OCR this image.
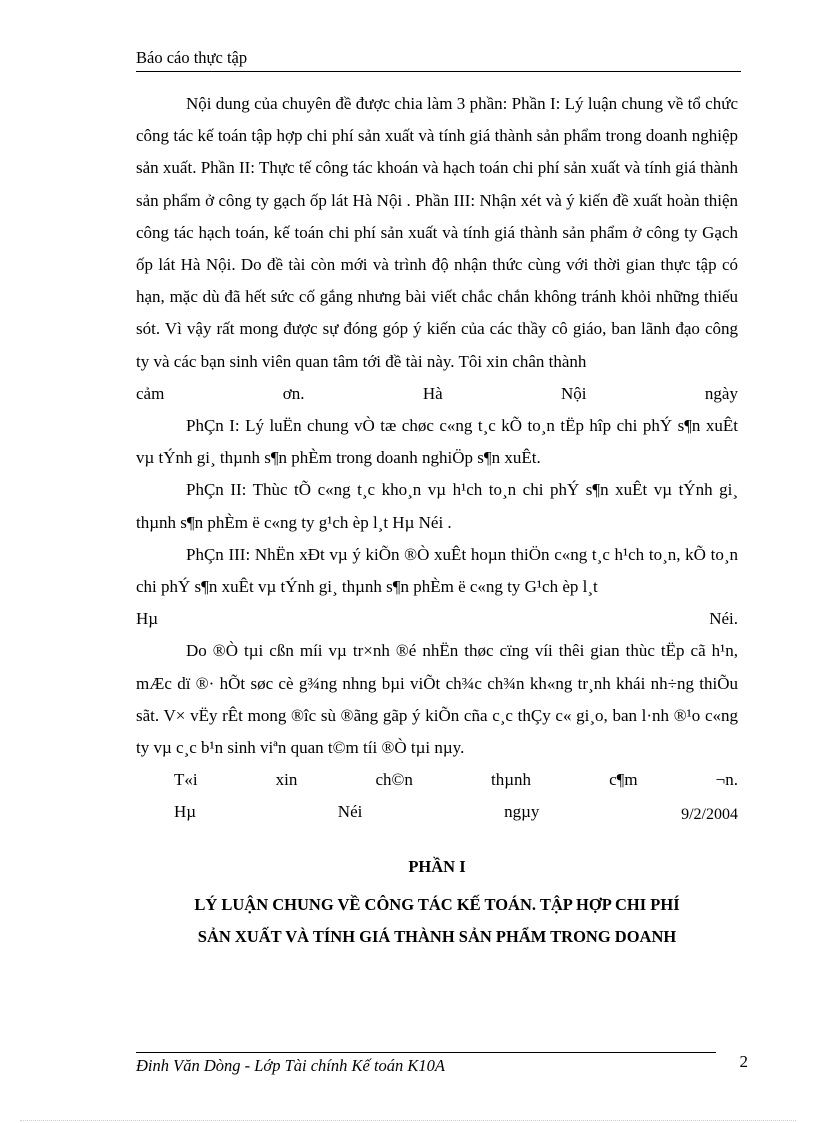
Báo cáo thực tập

Nội dung của chuyên đề được chia làm 3 phần: Phần I: Lý luận chung về tổ chức công tác kế toán tập hợp chi phí sản xuất và tính giá thành sản phẩm trong doanh nghiệp sản xuất. Phần II: Thực tế công tác khoán và hạch toán chi phí sản xuất và tính giá thành sản phẩm ở công ty gạch ốp lát Hà Nội . Phần III: Nhận xét và ý kiến đề xuất hoàn thiện công tác hạch toán, kế toán chi phí sản xuất và tính giá thành sản phẩm ở công ty Gạch ốp lát Hà Nội. Do đề tài còn mới và trình độ nhận thức cùng với thời gian thực tập có hạn, mặc dù đã hết sức cố gắng nhưng bài viết chắc chắn không tránh khỏi những thiếu sót. Vì vậy rất mong được sự đóng góp ý kiến của các thầy cô giáo, ban lãnh đạo công ty và các bạn sinh viên quan tâm tới đề tài này. Tôi xin chân thành

cảm	ơn.	Hà	Nội	ngày

PhÇn I: Lý luËn chung vÒ tæ chøc c«ng t¸c kÕ to¸n tËp hîp chi phÝ s¶n xuÊt vµ tÝnh gi¸ thµnh s¶n phÈm trong doanh nghiÖp s¶n xuÊt.

PhÇn II: Thùc tÕ c«ng t¸c kho¸n vµ h¹ch to¸n chi phÝ s¶n xuÊt vµ tÝnh gi¸ thµnh s¶n phÈm ë c«ng ty g¹ch èp l¸t Hµ Néi .

PhÇn III: NhËn xÐt vµ ý kiÕn ®Ò xuÊt hoµn thiÖn c«ng t¸c h¹ch to¸n, kÕ to¸n chi phÝ s¶n xuÊt vµ tÝnh gi¸ thµnh s¶n phÈm ë c«ng ty G¹ch èp l¸t

Hµ	Néi.

Do ®Ò tµi cßn míi vµ tr×nh ®é nhËn thøc cïng víi thêi gian thùc tËp cã h¹n, mÆc dï ®· hÕt søc cè g¾ng nhng bµi viÕt ch¾c ch¾n kh«ng tr¸nh khái nh÷ng thiÕu sãt. V× vËy rÊt mong ®îc sù ®ãng gãp ý kiÕn cña c¸c thÇy c« gi¸o, ban l·nh ®¹o c«ng ty vµ c¸c b¹n sinh viªn quan t©m tíi ®Ò tµi nµy.

T«i	xin	ch©n	thµnh	c¶m	¬n.
Hµ	Néi	ngµy	9/2/2004

PHẦN I

LÝ LUẬN CHUNG VỀ CÔNG TÁC KẾ TOÁN. TẬP HỢP CHI PHÍ

SẢN XUẤT VÀ TÍNH GIÁ THÀNH SẢN PHẨM TRONG DOANH

Đinh Văn Dòng - Lớp Tài chính Kế toán K10A	2
